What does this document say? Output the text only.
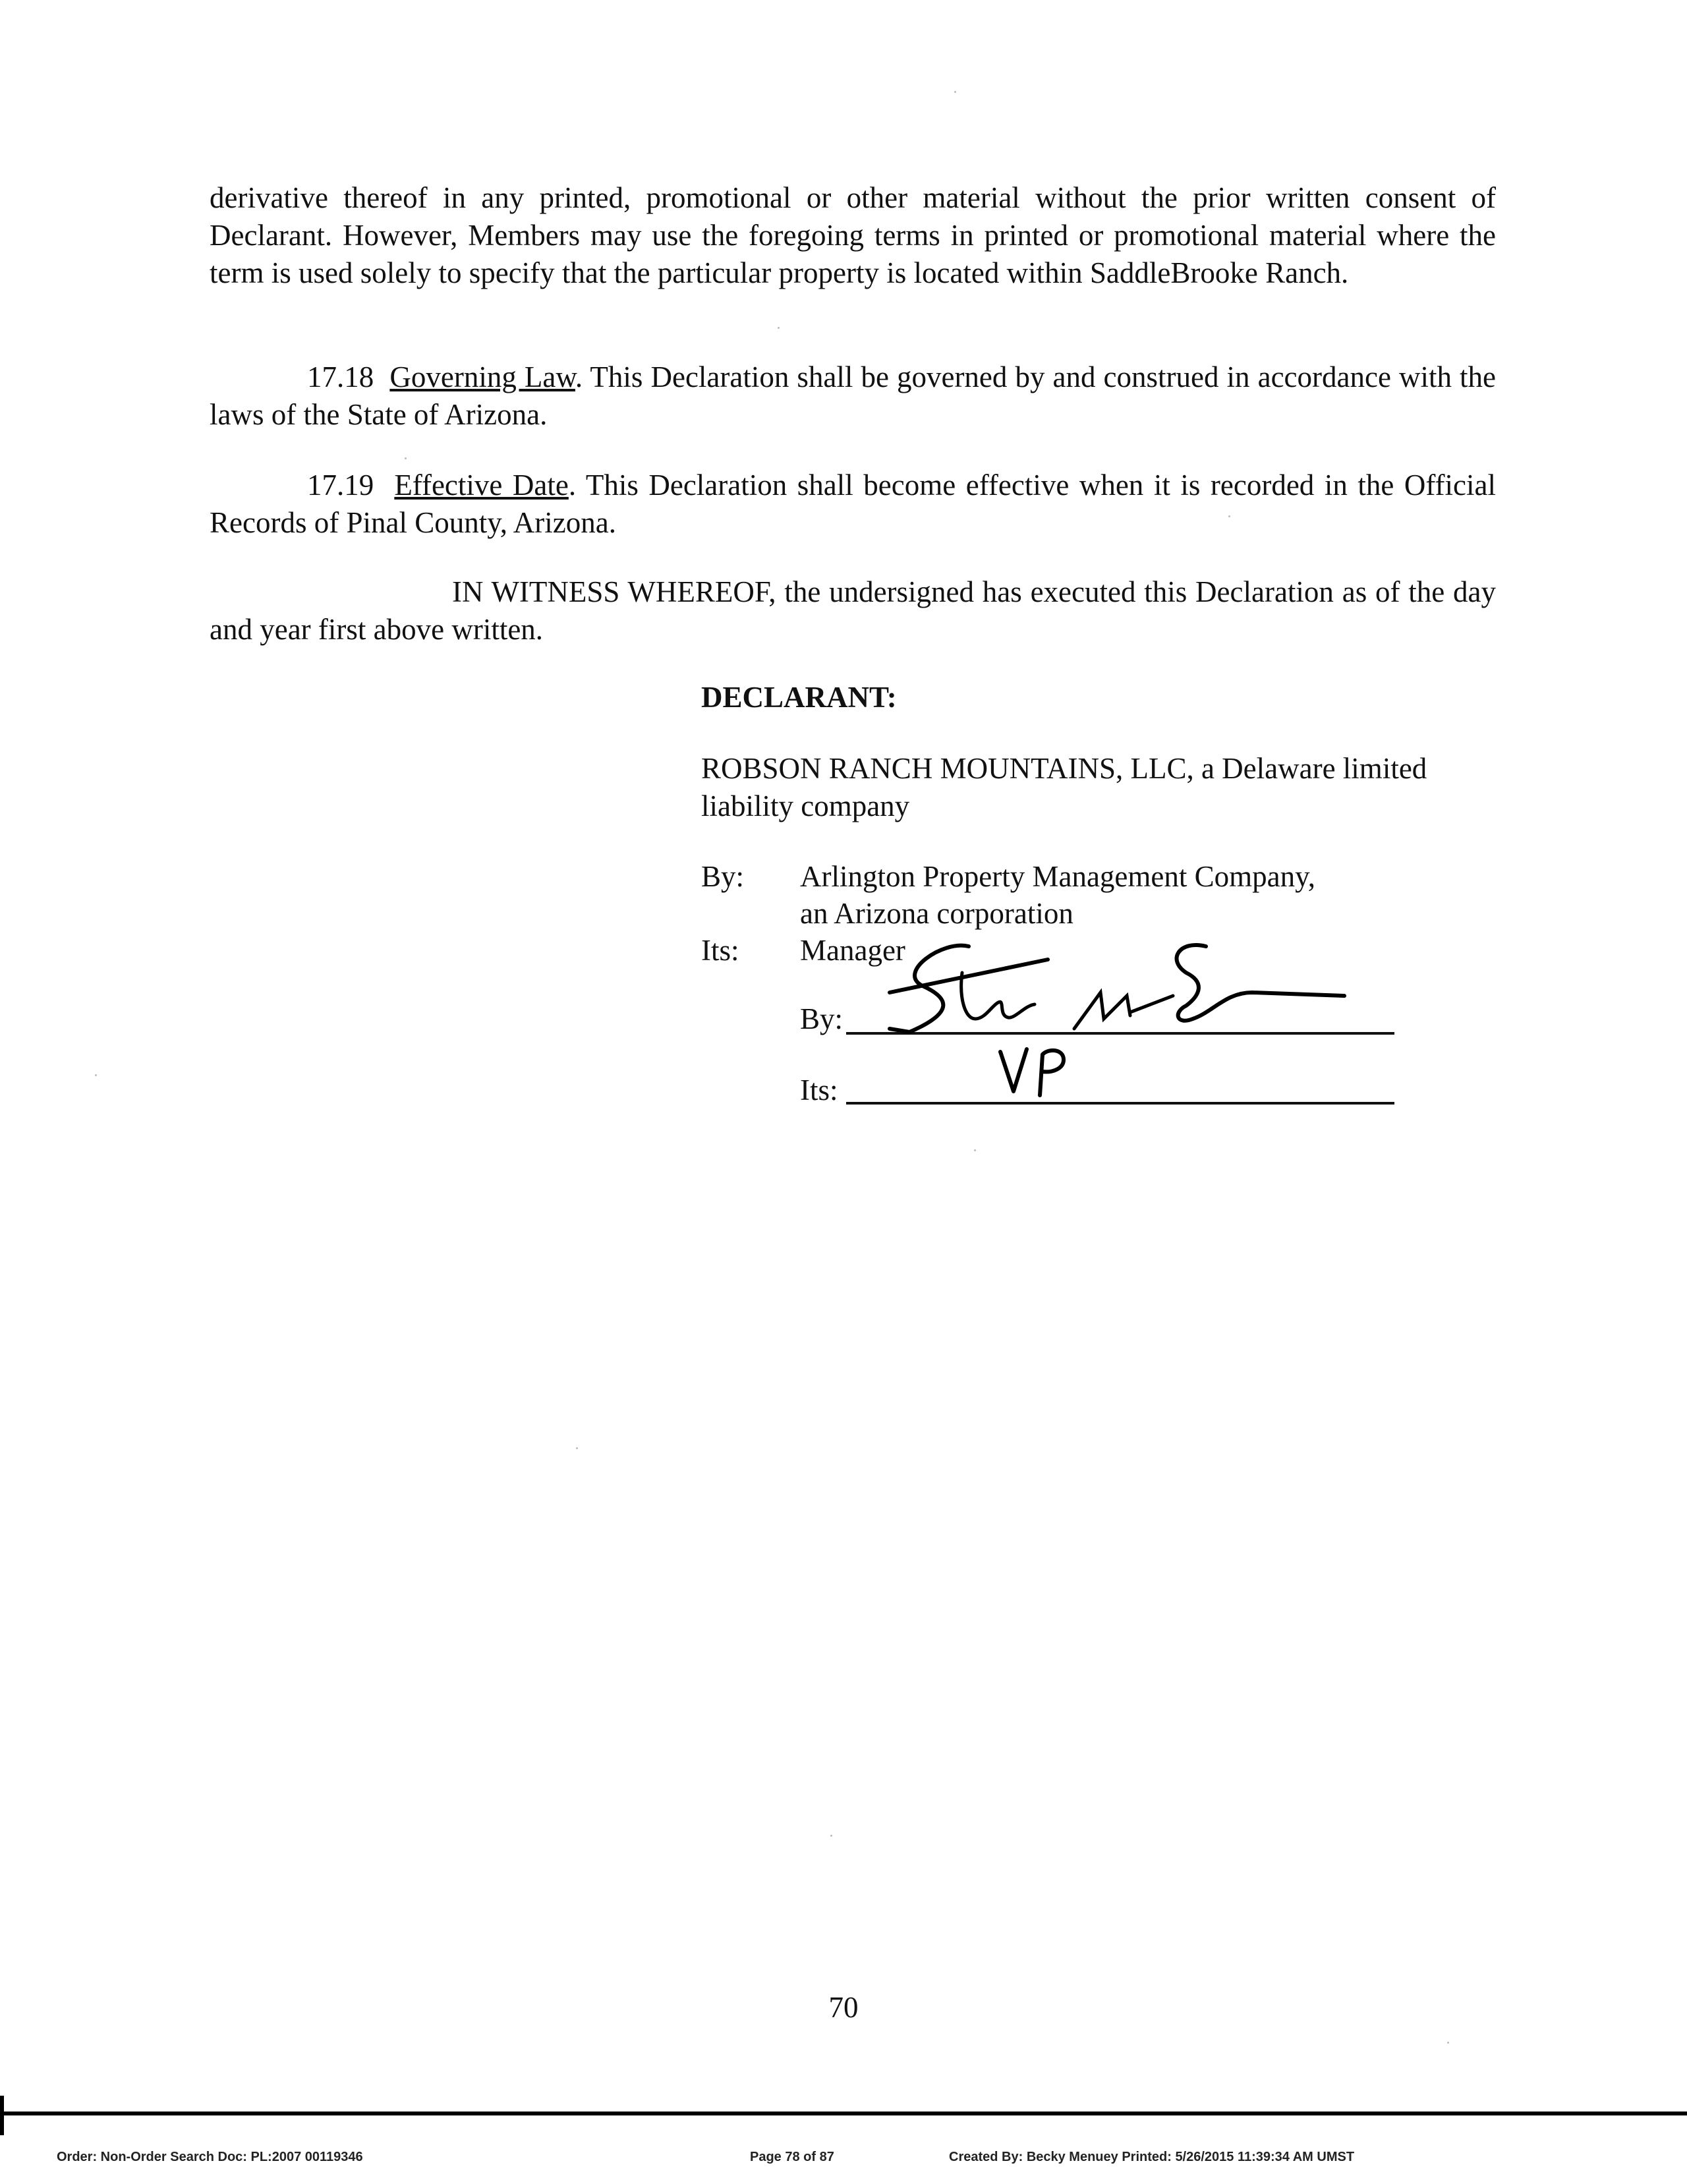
derivative thereof in any printed, promotional or other material without the prior written consent of Declarant. However, Members may use the foregoing terms in printed or promotional material where the term is used solely to specify that the particular property is located within SaddleBrooke Ranch.

17.18 Governing Law. This Declaration shall be governed by and construed in accordance with the laws of the State of Arizona.

17.19 Effective Date. This Declaration shall become effective when it is recorded in the Official Records of Pinal County, Arizona.

IN WITNESS WHEREOF, the undersigned has executed this Declaration as of the day and year first above written.

DECLARANT:
ROBSON RANCH MOUNTAINS, LLC, a Delaware limited liability company
By: Arlington Property Management Company,
an Arizona corporation
Its: Manager
By:
Its:
70
Order: Non-Order Search Doc: PL:2007 00119346	Page 78 of 87	Created By: Becky Menuey Printed: 5/26/2015 11:39:34 AM UMST
